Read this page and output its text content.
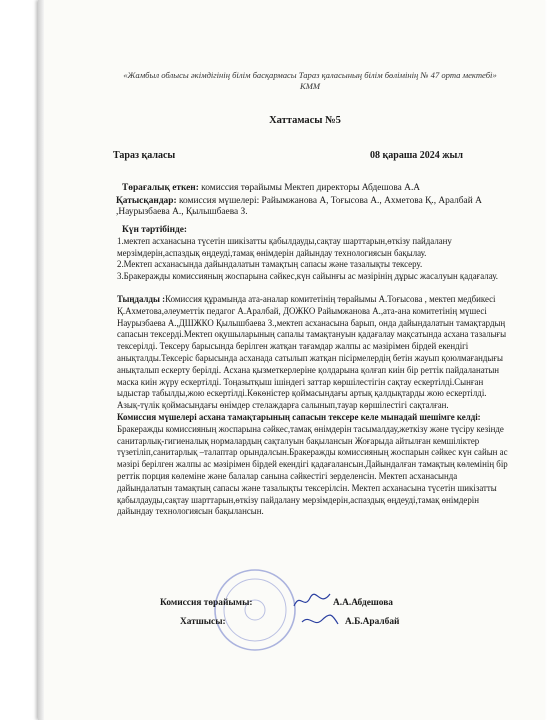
«Жамбыл облысы әкімдігінің білім басқармасы Тараз қаласының білім бөлімінің № 47 орта мектебі» КММ
Хаттамасы №5
Тараз қаласы	08 қараша 2024 жыл
Төрағалық еткен: комиссия төрайымы Мектеп директоры Абдешова А.А
Қатысқандар: комиссия мүшелері: Райымжанова А, Тоғысова А., Ахметова Қ., Аралбай А ,Наурызбаева А., Қылышбаева З.
Күн тәртібінде:

1.мектеп асханасына түсетін шикізатты қабылдауды,сақтау шарттарын,өткізу пайдалану мерзімдерін,аспаздық өңдеуді,тамақ өнімдерін дайындау технологиясын бақылау.

2.Мектеп асханасында дайындалатын тамақтың сапасы және тазалықты тексеру.

3.Бракеражды комиссияның жоспарына сәйкес,күн сайынғы ас мәзірінің дұрыс жасалуын қадағалау.

Тыңдалды :Комиссия құрамында ата-аналар комитетінің төрайымы А.Тоғысова , мектеп медбикесі Қ.Ахметова,әлеуметтік педагог А.Аралбай, ДОЖКО Райымжанова А.,ата-ана комитетінің мүшесі Наурызбаева А.,ДШЖКО Қылышбаева З.,мектеп асханасына барып, онда дайындалатын тамақтардың сапасын тексерді.Мектеп оқушыларының сапалы тамақтануын қадағалау мақсатында асхана тазалығы тексерілді. Тексеру барысында берілген жатқан тағамдар жалпы ас мәзірімен бірдей екендігі анықталды.Тексеріс барысында асханада сатылып жатқан пісірмелердің бетін жауып қоюлмағандығы анықталып ескерту берілді. Асхана қызметкерлеріне қолдарына қолғап киін бір реттік пайдаланатын маска киін жүру ескертілді. Тоңазытқыш ішіндегі заттар көршілестігін сақтау ескертілді.Сынған ыдыстар табылды,жою ескертілді.Көкөністер қоймасындағы артық қалдықтарды жою ескертілді. Азық-түлік қоймасындағы өнімдер стелаждарға салынып,тауар көршілестігі сақталған.

Комиссия мүшелері асхана тамақтарының сапасын тексере келе мынадай шешімге келді: Бракеражды комиссияның жоспарына сәйкес,тамақ өнімдерін тасымалдау,жеткізу және түсіру кезінде санитарлық-гигиеналық нормалардың сақталуын бақылансын Жоғарыда айтылған кемшіліктер түзетіліп,санитарлық –талаптар орындалсын.Бракеражды комиссияның жоспарын сәйкес күн сайын ас мәзірі берілген жалпы ас мәзірімен бірдей екендігі қадағалансын.Дайындалған тамақтың көлемінің бір реттік порция көлеміне және балалар санына сәйкестігі зерделенсін. Мектеп асханасында дайындалатын тамақтың сапасы және тазалықты тексерілсін. Мектеп асханасына түсетін шикізатты қабылдауды,сақтау шарттарын,өткізу пайдалану мерзімдерін,аспаздық өңдеуді,тамақ өнімдерін дайындау технологиясын бақылансын.

Комиссия төрайымы:	А.А.Абдешова
Хатшысы:	А.Б.Аралбай
